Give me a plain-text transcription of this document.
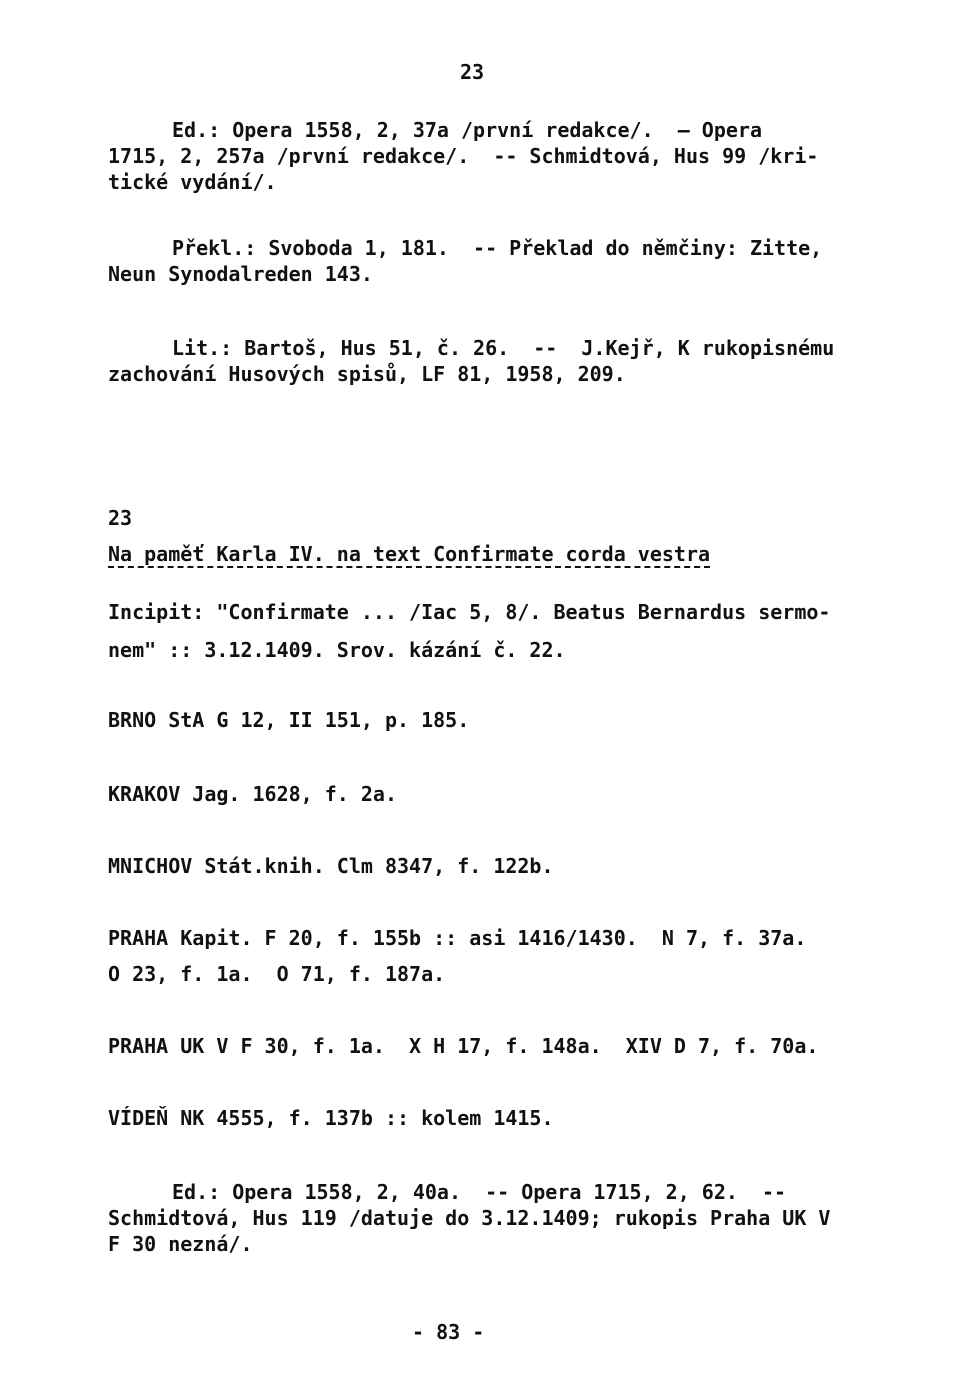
23
Ed.: Opera 1558, 2, 37a /první redakce/.  — Opera
1715, 2, 257a /první redakce/.  -- Schmidtová, Hus 99 /kri-
tické vydání/.
Překl.: Svoboda 1, 181.  -- Překlad do němčiny: Zitte,
Neun Synodalreden 143.
Lit.: Bartoš, Hus 51, č. 26.  --  J.Kejř, K rukopisnému
zachování Husových spisů, LF 81, 1958, 209.
23
Na paměť Karla IV. na text Confirmate corda vestra
Incipit: "Confirmate ... /Iac 5, 8/. Beatus Bernardus sermo-
nem" :: 3.12.1409. Srov. kázání č. 22.
BRNO StA G 12, II 151, p. 185.
KRAKOV Jag. 1628, f. 2a.
MNICHOV Stát.knih. Clm 8347, f. 122b.
PRAHA Kapit. F 20, f. 155b :: asi 1416/1430.  N 7, f. 37a.
O 23, f. 1a.  O 71, f. 187a.
PRAHA UK V F 30, f. 1a.  X H 17, f. 148a.  XIV D 7, f. 70a.
VÍDEŇ NK 4555, f. 137b :: kolem 1415.
Ed.: Opera 1558, 2, 40a.  -- Opera 1715, 2, 62.  --
Schmidtová, Hus 119 /datuje do 3.12.1409; rukopis Praha UK V
F 30 nezná/.
- 83 -
